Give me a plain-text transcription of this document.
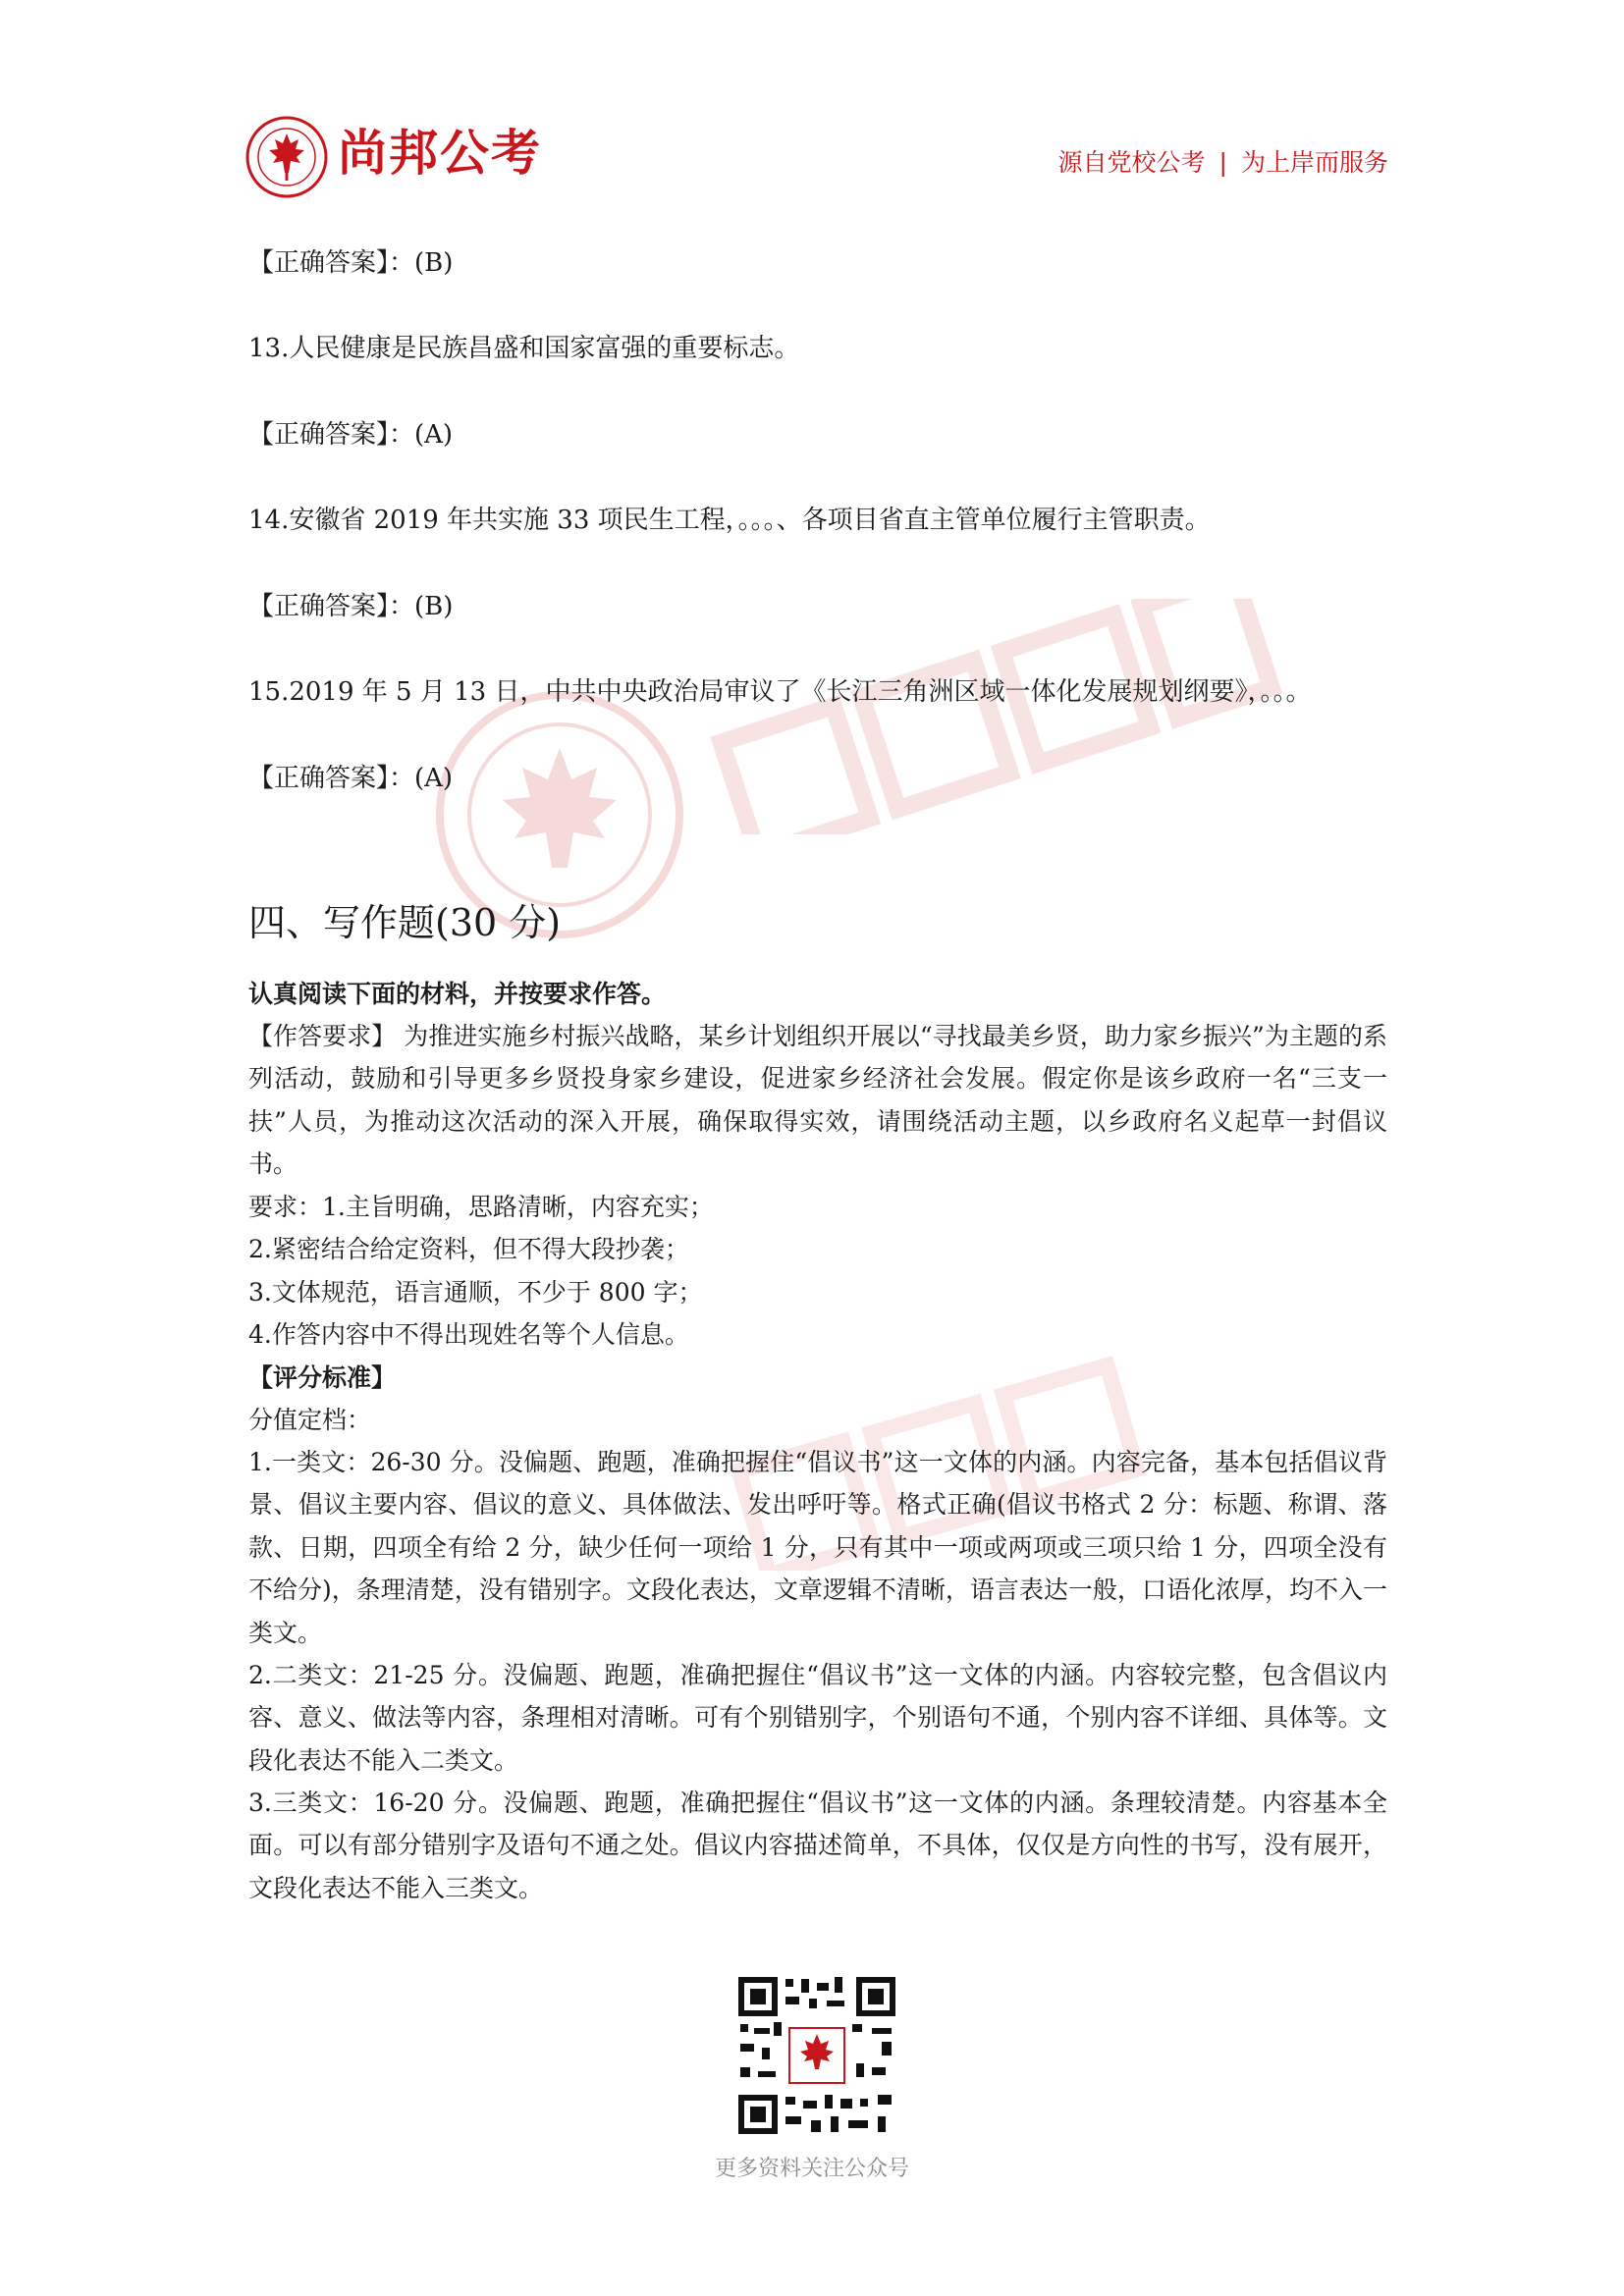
尚邦公考	源自党校公考 | 为上岸而服务
【正确答案】：(B)
13.人民健康是民族昌盛和国家富强的重要标志。
【正确答案】：(A)
14.安徽省 2019 年共实施 33 项民生工程，。。。、各项目省直主管单位履行主管职责。
【正确答案】：(B)
15.2019 年 5 月 13 日，中共中央政治局审议了《长江三角洲区域一体化发展规划纲要》，。。。
【正确答案】：(A)
四、写作题(30 分)
认真阅读下面的材料，并按要求作答。
【作答要求】 为推进实施乡村振兴战略，某乡计划组织开展以“寻找最美乡贤，助力家乡振兴”为主题的系列活动，鼓励和引导更多乡贤投身家乡建设，促进家乡经济社会发展。假定你是该乡政府一名“三支一扶”人员，为推动这次活动的深入开展，确保取得实效，请围绕活动主题，以乡政府名义起草一封倡议书。
要求：1.主旨明确，思路清晰，内容充实；
2.紧密结合给定资料，但不得大段抄袭；
3.文体规范，语言通顺，不少于 800 字；
4.作答内容中不得出现姓名等个人信息。
【评分标准】
分值定档：
1.一类文：26-30 分。没偏题、跑题，准确把握住“倡议书”这一文体的内涵。内容完备，基本包括倡议背景、倡议主要内容、倡议的意义、具体做法、发出呼吁等。格式正确(倡议书格式 2 分：标题、称谓、落款、日期，四项全有给 2 分，缺少任何一项给 1 分，只有其中一项或两项或三项只给 1 分，四项全没有不给分)，条理清楚，没有错别字。文段化表达，文章逻辑不清晰，语言表达一般，口语化浓厚，均不入一类文。
2.二类文：21-25 分。没偏题、跑题，准确把握住“倡议书”这一文体的内涵。内容较完整，包含倡议内容、意义、做法等内容，条理相对清晰。可有个别错别字，个别语句不通，个别内容不详细、具体等。文段化表达不能入二类文。
3.三类文：16-20 分。没偏题、跑题，准确把握住“倡议书”这一文体的内涵。条理较清楚。内容基本全面。可以有部分错别字及语句不通之处。倡议内容描述简单，不具体，仅仅是方向性的书写，没有展开，文段化表达不能入三类文。
更多资料关注公众号
